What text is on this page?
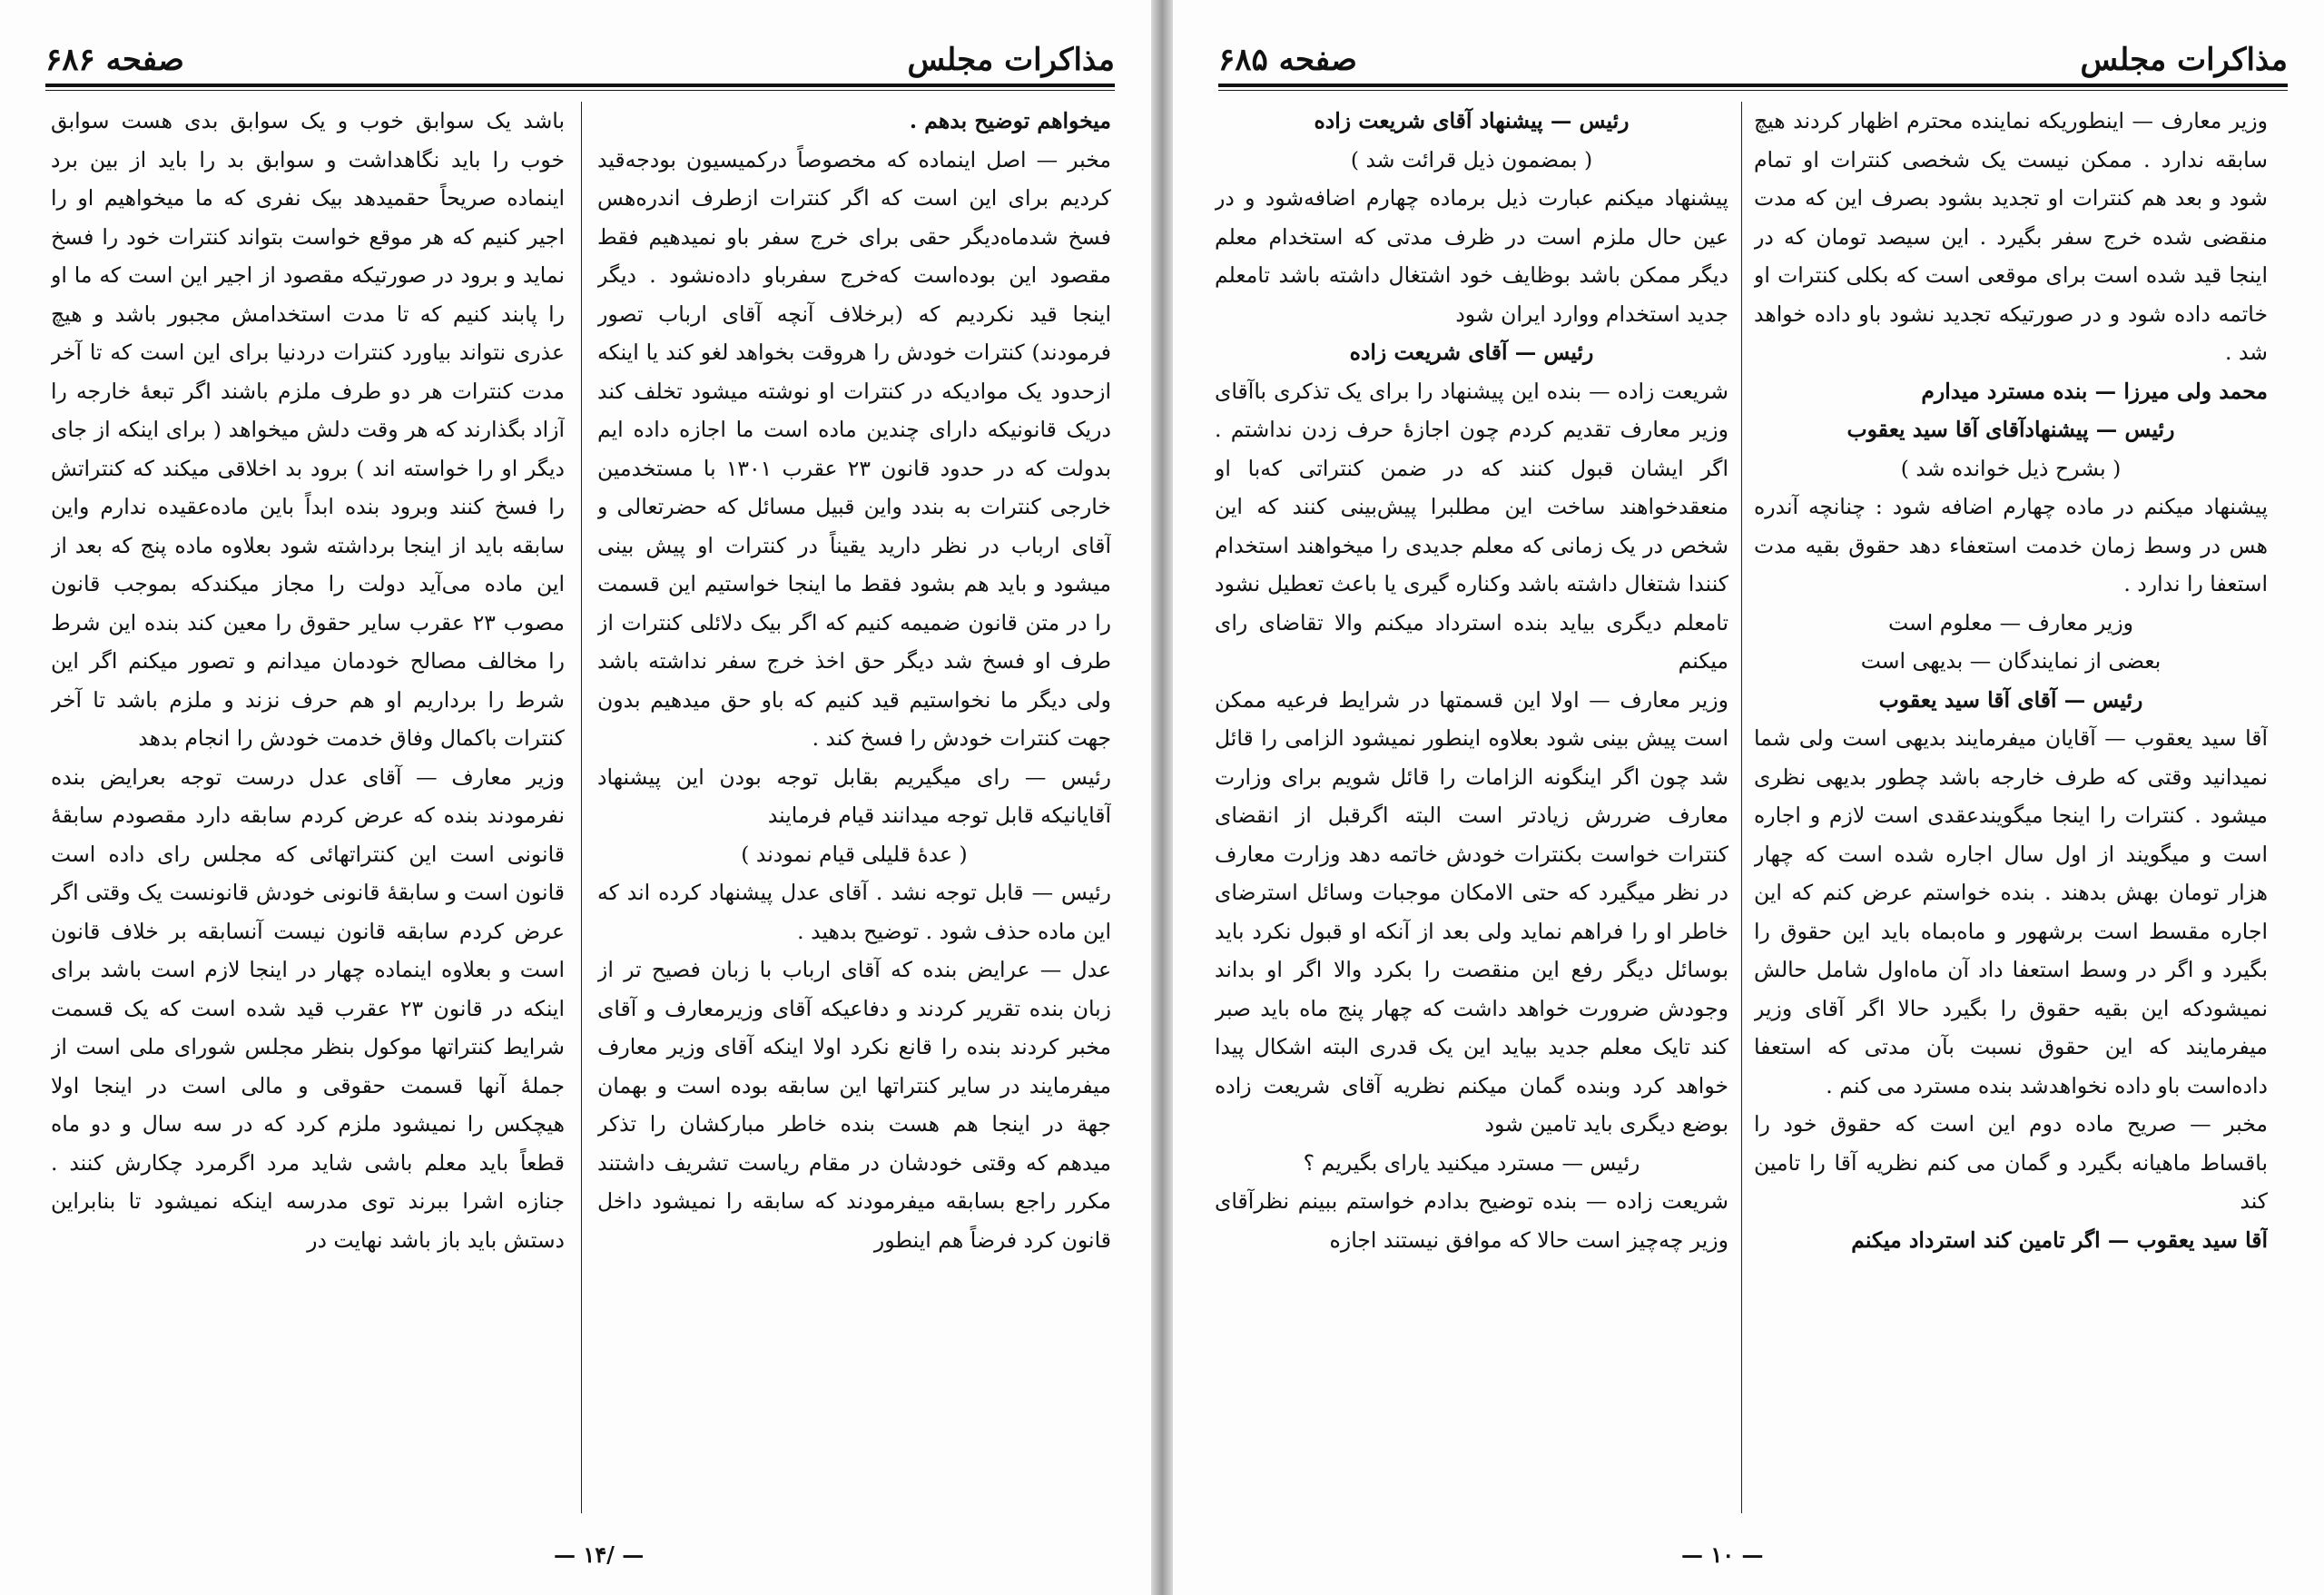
مذاکرات مجلس
صفحه ۶۸۶

میخواهم توضیح بدهم .

مخبر — اصل اینماده که مخصوصاً درکمیسیون بودجه‌قید کردیم برای این است که اگر کنترات ازطرف اندره‌هس فسخ شدماه‌دیگر حقی برای خرج سفر باو نمیدهیم فقط مقصود این بوده‌است که‌خرج سفربا‌و داده‌نشود . دیگر اینجا قید نکردیم که (برخلاف آنچه آقای ارباب تصور فرمودند) کنترات خودش را هروقت بخواهد لغو کند یا اینکه ازحدود یک موادیکه در کنترات او نوشته میشود تخلف کند دریک قانونیکه دارای چندین ماده است ما اجازه داده ایم بدولت که در حدود قانون ۲۳ عقرب ۱۳۰۱ با مستخدمین خارجی کنترات به بندد واین قبیل مسائل که حضرتعالی و آقای ارباب در نظر دارید یقیناً در کنترات او پیش بینی میشود و باید هم بشود فقط ما اینجا خواستیم این قسمت را در متن قانون ضمیمه کنیم که اگر بیک دلائلی کنترات از طرف او فسخ شد دیگر حق اخذ خرج سفر نداشته باشد ولی دیگر ما نخواستیم قید کنیم که باو حق میدهیم بدون جهت کنترات خودش را فسخ کند .

رئیس — رای میگیریم بقابل توجه بودن این پیشنهاد آقایانیکه قابل توجه میدانند قیام فرمایند

( عدهٔ قلیلی قیام نمودند )

رئیس — قابل توجه نشد . آقای عدل پیشنهاد کرده اند که این ماده حذف شود . توضیح بدهید .

عدل — عرایض بنده که آقای ارباب با زبان فصیح تر از زبان بنده تقریر کردند و دفاعیکه آقای وزیرمعارف و آقای مخبر کردند بنده را قانع نکرد اولا اینکه آقای وزیر معارف میفرمایند در سایر کنتراتها این سابقه بوده است و بهمان جهة در اینجا هم هست بنده خاطر مبارکشان را تذکر میدهم که وقتی خودشان در مقام ریاست تشریف داشتند مکرر راجع بسابقه میفرمودند که سابقه را نمیشود داخل قانون کرد فرضاً هم اینطور

باشد یک سوابق خوب و یک سوابق بدی هست سوابق خوب را باید نگاهداشت و سوابق بد را باید از بین برد اینماده صریحاً حقمیدهد بیک نفری که ما میخواهیم او را اجیر کنیم که هر موقع خواست بتواند کنترات خود را فسخ نماید و برود در صورتیکه مقصود از اجیر این است که ما او را پابند کنیم که تا مدت استخدامش مجبور باشد و هیچ عذری نتواند بیاورد کنترات دردنیا برای این است که تا آخر مدت کنترات هر دو طرف ملزم باشند اگر تبعهٔ خارجه را آزاد بگذارند که هر وقت دلش میخواهد ( برای اینکه از جای دیگر او را خواسته اند ) برود بد اخلاقی میکند که کنتراتش را فسخ کنند وبرود بنده ابداً باین ماده‌عقیده ندارم واین سابقه باید از اینجا برداشته شود بعلاوه ماده پنج که بعد از این ماده می‌آید دولت را مجاز میکندکه بموجب قانون مصوب ۲۳ عقرب سایر حقوق را معین کند بنده این شرط را مخالف مصالح خودمان میدانم و تصور میکنم اگر این شرط را برداریم او هم حرف نزند و ملزم باشد تا آخر کنترات باکمال وفاق خدمت خودش را انجام بدهد

وزیر معارف — آقای عدل درست توجه بعرایض بنده نفرمودند بنده که عرض کردم سابقه دارد مقصودم سابقهٔ قانونی است این کنتراتهائی که مجلس رای داده است قانون است و سابقهٔ قانونی خودش قانونست یک وقتی اگر عرض کردم سابقه قانون نیست آنسابقه بر خلاف قانون است و بعلاوه اینماده چهار در اینجا لازم است باشد برای اینکه در قانون ۲۳ عقرب قید شده است که یک قسمت شرایط کنتراتها موکول بنظر مجلس شورای ملی است از جملهٔ آنها قسمت حقوقی و مالی است در اینجا اولا هیچکس را نمیشود ملزم کرد که در سه سال و دو ماه قطعاً باید معلم باشی شاید مرد اگرمرد چکارش کنند . جنازه اشرا ببرند توی مدرسه اینکه نمیشود تا بنابراین دستش باید باز باشد نهایت در

— ۱۴/ —
مذاکرات مجلس
صفحه ۶۸۵

وزیر معارف — اینطوریکه نماینده محترم اظهار کردند هیچ سابقه ندارد . ممکن نیست یک شخصی کنترات او تمام شود و بعد هم کنترات او تجدید بشود بصرف این که مدت منقضی شده خرج سفر بگیرد . این سیصد تومان که در اینجا قید شده است برای موقعی است که بکلی کنترات او خاتمه داده شود و در صورتیکه تجدید نشود باو داده خواهد شد .

محمد ولی میرزا — بنده مسترد میدارم

رئیس — پیشنهادآقای آقا سید یعقوب

( بشرح ذیل خوانده شد )

پیشنهاد میکنم در ماده چهارم اضافه شود : چنانچه آندره هس در وسط زمان خدمت استعفاء دهد حقوق بقیه مدت استعفا را ندارد .

وزیر معارف — معلوم است

بعضی از نمایندگان — بدیهی است

رئیس — آقای آقا سید یعقوب

آقا سید یعقوب — آقایان میفرمایند بدیهی است ولی شما نمیدانید وقتی که طرف خارجه باشد چطور بدیهی نظری میشود . کنترات را اینجا میگویند‌عقدی است لازم و اجاره است و میگویند از اول سال اجاره شده است که چهار هزار تومان بهش بدهند . بنده خواستم عرض کنم که این اجاره مقسط است برشهور و ماه‌بماه باید این حقوق را بگیرد و اگر در وسط استعفا داد آن ماه‌اول شامل حالش نمیشودکه این بقیه حقوق را بگیرد حالا اگر آقای وزیر میفرمایند که این حقوق نسبت بآن مدتی که استعفا داده‌است باو داده نخواهدشد بنده مسترد می کنم .

مخبر — صریح ماده دوم این است که حقوق خود را باقساط ماهیانه بگیرد و گمان می کنم نظریه آقا را تامین کند

آقا سید یعقوب — اگر تامین کند استرداد میکنم

رئیس — پیشنهاد آقای شریعت زاده

( بمضمون ذیل قرائت شد )

پیشنهاد میکنم عبارت ذیل برماده چهارم اضافه‌شود و در عین حال ملزم است در ظرف مدتی که استخدام معلم دیگر ممکن باشد بوظایف خود اشتغال داشته باشد تامعلم جدید استخدام ووارد ایران شود

رئیس — آقای شریعت زاده

شریعت زاده — بنده این پیشنهاد را برای یک تذکری باآقای وزیر معارف تقدیم کردم چون اجازهٔ حرف زدن نداشتم . اگر ایشان قبول کنند که در ضمن کنتراتی که‌با او منعقدخواهند ساخت این مطلبرا پیش‌بینی کنند که این شخص در یک زمانی که معلم جدیدی را میخواهند استخدام کنندا شتغال داشته باشد وکناره گیری یا باعث تعطیل نشود تامعلم دیگری بیاید بنده استرداد میکنم والا تقاضای رای میکنم

وزیر معارف — اولا این قسمتها در شرایط فرعیه ممکن است پیش بینی شود بعلاوه اینطور نمیشود الزامی را قائل شد چون اگر اینگونه الزامات را قائل شویم برای وزارت معارف ضررش زیادتر است البته اگرقبل از انقضای کنترات خواست بکنترات خودش خاتمه دهد وزارت معارف در نظر میگیرد که حتی الامکان موجبات وسائل استرضای خاطر او را فراهم نماید ولی بعد از آنکه او قبول نکرد باید بوسائل دیگر رفع این منقصت را بکرد والا اگر او بداند وجودش ضرورت خواهد داشت که چهار پنج ماه باید صبر کند تایک معلم جدید بیاید این یک قدری البته اشکال پیدا خواهد کرد وبنده گمان میکنم نظریه آقای شریعت زاده بوضع دیگری باید تامین شود

رئیس — مسترد میکنید یارای بگیریم ؟

شریعت زاده — بنده توضیح بدادم خواستم ببینم نظرآقای وزیر چه‌چیز است حالا که موافق نیستند اجازه

— ۱۰ —
